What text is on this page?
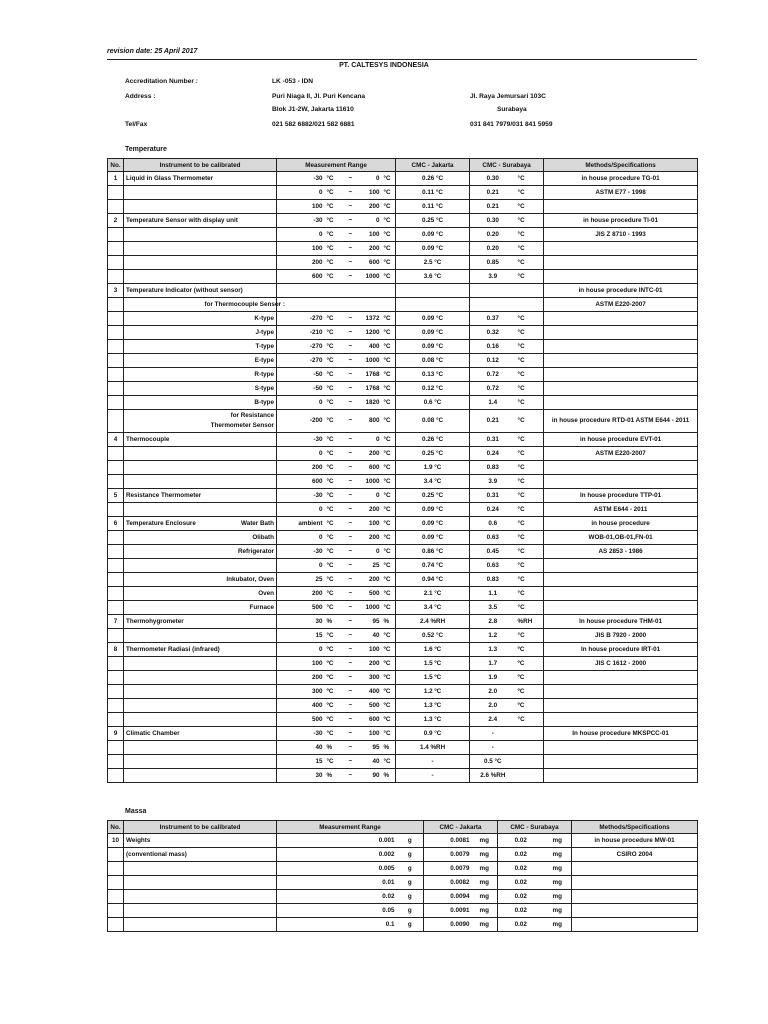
revision date: 25 April 2017
PT. CALTESYS INDONESIA
Accreditation Number :	LK -053 - IDN
Address :	Puri Niaga II, Jl. Puri Kencana	Jl. Raya Jemursari 103C
Blok J1-2W, Jakarta 11610	Surabaya
Tel/Fax	021 582 6882/021 582 6881	031 841 7979/031 841 5959
Temperature
No.	Instrument to be calibrated		Measurement Range					CMC - Jakarta	CMC - Surabaya		Methods/Specifications
1	Liquid in Glass Thermometer		-30	°C	~	0	°C	0.26 °C	0.30	°C	in house procedure TG-01
			0	°C	~	100	°C	0.11 °C	0.21	°C	ASTM E77 - 1998
			100	°C	~	200	°C	0.11 °C	0.21	°C	
2	Temperature Sensor with display unit		-30	°C	~	0	°C	0.25 °C	0.30	°C	in house procedure TI-01
			0	°C	~	100	°C	0.09 °C	0.20	°C	JIS Z 8710 - 1993
			100	°C	~	200	°C	0.09 °C	0.20	°C	
			200	°C	~	600	°C	2.5 °C	0.85	°C	
			600	°C	~	1000	°C	3.6 °C	3.9	°C	
3	Temperature Indicator (without sensor)										in house procedure INTC-01
		for Thermocouple Sensor :									ASTM E220-2007
		K-type	-270	°C	~	1372	°C	0.09 °C	0.37	°C	
		J-type	-210	°C	~	1200	°C	0.09 °C	0.32	°C	
		T-type	-270	°C	~	400	°C	0.09 °C	0.16	°C	
		E-type	-270	°C	~	1000	°C	0.08 °C	0.12	°C	
		R-type	-50	°C	~	1768	°C	0.13 °C	0.72	°C	
		S-type	-50	°C	~	1768	°C	0.12 °C	0.72	°C	
		B-type	0	°C	~	1820	°C	0.6 °C	1.4	°C	
		for Resistance Thermometer Sensor	-200	°C	~	800	°C	0.08 °C	0.21	°C	in house procedure RTD-01 ASTM E644 - 2011
4	Thermocouple		-30	°C	~	0	°C	0.26 °C	0.31	°C	in house procedure EVT-01
			0	°C	~	200	°C	0.25 °C	0.24	°C	ASTM E220-2007
			200	°C	~	600	°C	1.9 °C	0.83	°C	
			600	°C	~	1000	°C	3.4 °C	3.9	°C	
5	Resistance Thermometer		-30	°C	~	0	°C	0.25 °C	0.31	°C	In house procedure TTP-01
			0	°C	~	200	°C	0.09 °C	0.24	°C	ASTM E644 - 2011
6	Temperature Enclosure	Water Bath	ambient	°C	~	100	°C	0.09 °C	0.6	°C	in house procedure
		Olibath	0	°C	~	200	°C	0.09 °C	0.63	°C	WOB-01,OB-01,FN-01
		Refrigerator	-30	°C	~	0	°C	0.86 °C	0.45	°C	AS 2853 - 1986
			0	°C	~	25	°C	0.74 °C	0.63	°C	
		Inkubator, Oven	25	°C	~	200	°C	0.94 °C	0.83	°C	
		Oven	200	°C	~	500	°C	2.1 °C	1.1	°C	
		Furnace	500	°C	~	1000	°C	3.4 °C	3.5	°C	
7	Thermohygrometer		30	%	~	95	%	2.4 %RH	2.8	%RH	In house procedure THM-01
			15	°C	~	40	°C	0.52 °C	1.2	°C	JIS B 7920 - 2000
8	Thermometer Radiasi (infrared)		0	ºC	~	100	ºC	1.6 ºC	1.3	ºC	In house procedure IRT-01
			100	ºC	~	200	ºC	1.5 ºC	1.7	ºC	JIS C 1612 - 2000
			200	ºC	~	300	ºC	1.5 ºC	1.9	ºC	
			300	ºC	~	400	ºC	1.2 ºC	2.0	ºC	
			400	ºC	~	500	ºC	1.3 ºC	2.0	ºC	
			500	ºC	~	600	ºC	1.3 °C	2.4	°C	
9	Climatic Chamber		-30	°C	~	100	°C	0.9 °C	-		In house procedure MKSPCC-01
			40	%	~	95	%	1.4 %RH	-		
			15	°C	~	40	°C	-	0.5 °C		
			30	%	~	90	%	-	2.6 %RH		
Massa
No.	Instrument to be calibrated	Measurement Range		CMC - Jakarta		CMC - Surabaya		Methods/Specifications
10	Weights	0.001	g	0.0081	mg	0.02	mg	in house procedure MW-01
	(conventional mass)	0.002	g	0.0079	mg	0.02	mg	CSIRO 2004
		0.005	g	0.0079	mg	0.02	mg	
		0.01	g	0.0082	mg	0.02	mg	
		0.02	g	0.0094	mg	0.02	mg	
		0.05	g	0.0091	mg	0.02	mg	
		0.1	g	0.0090	mg	0.02	mg	
